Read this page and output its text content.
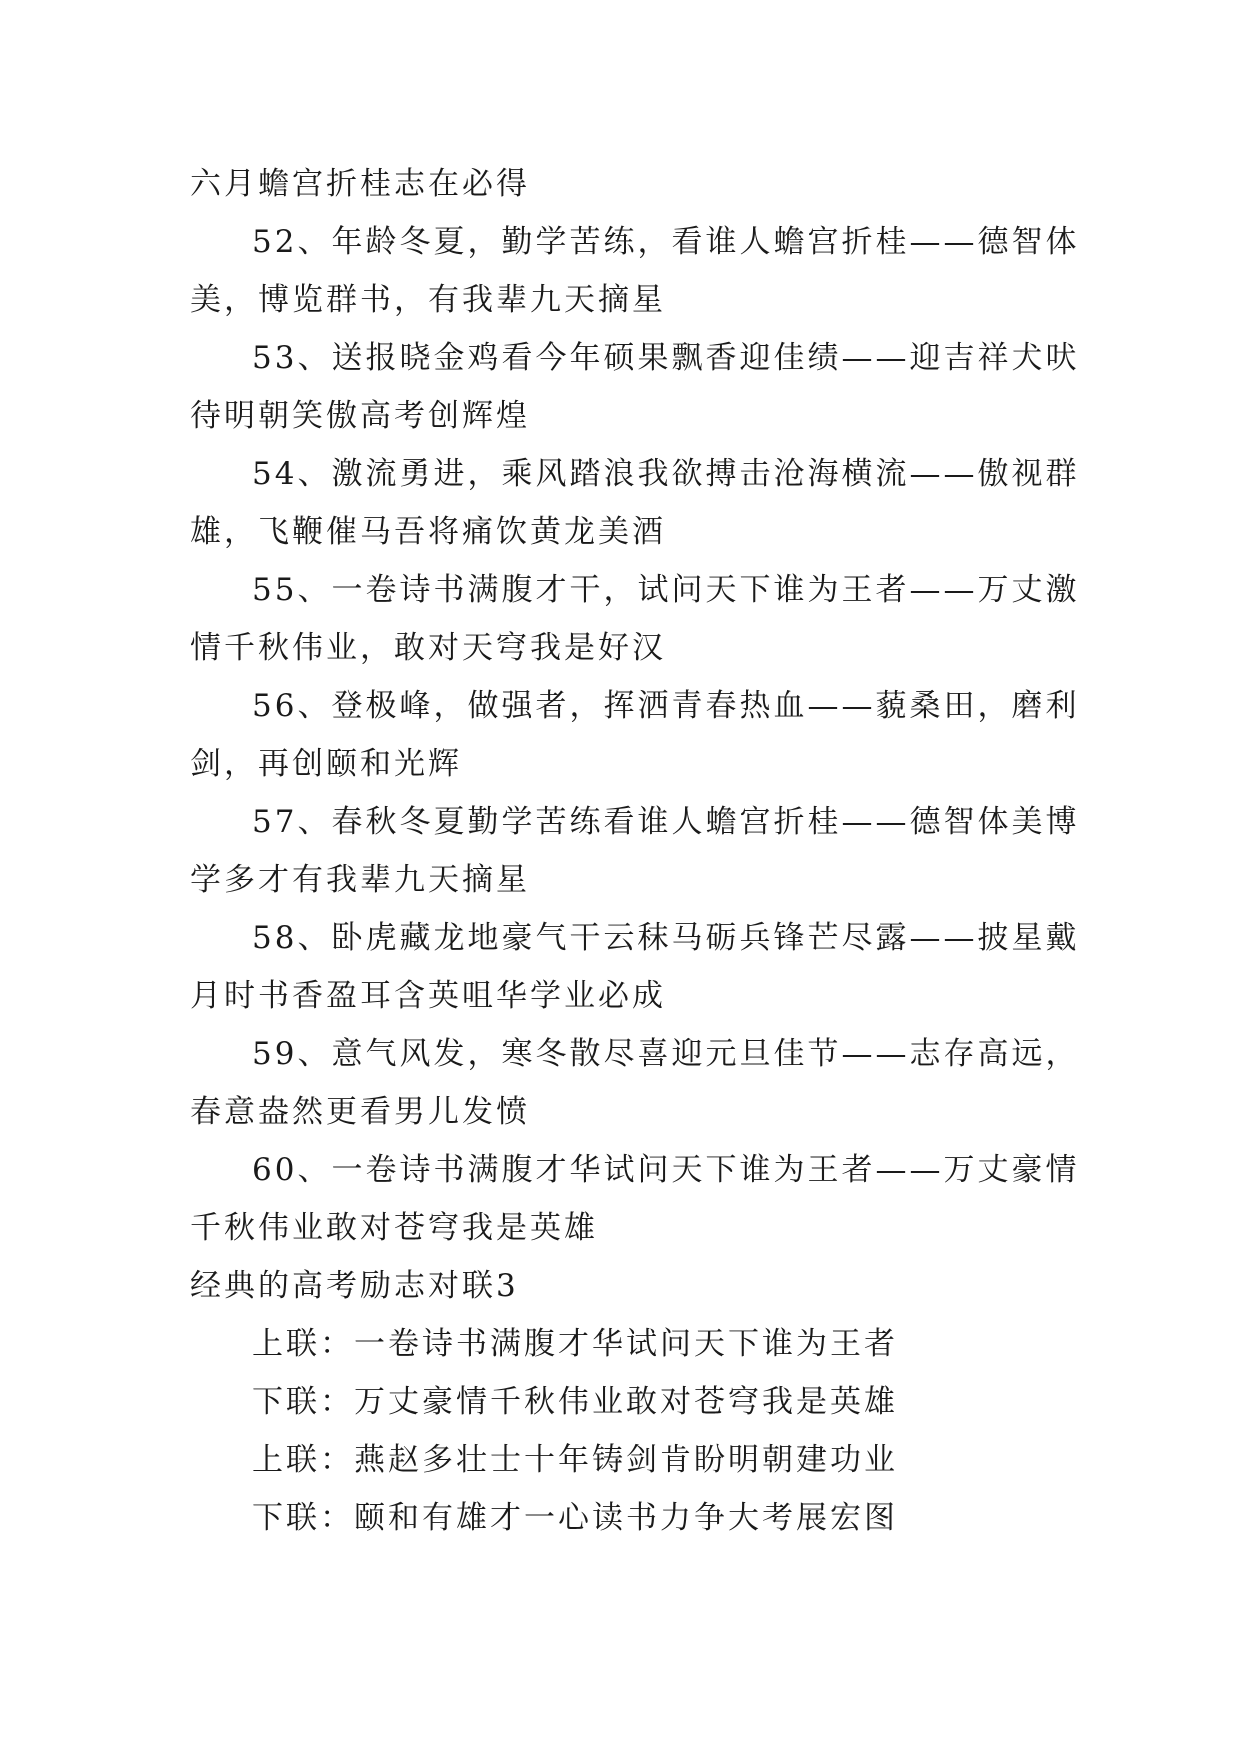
六月蟾宫折桂志在必得
52、年龄冬夏，勤学苦练，看谁人蟾宫折桂——德智体
美，博览群书，有我辈九天摘星
53、送报晓金鸡看今年硕果飘香迎佳绩——迎吉祥犬吠
待明朝笑傲高考创辉煌
54、激流勇进，乘风踏浪我欲搏击沧海横流——傲视群
雄，飞鞭催马吾将痛饮黄龙美酒
55、一卷诗书满腹才干，试问天下谁为王者——万丈激
情千秋伟业，敢对天穹我是好汉
56、登极峰，做强者，挥洒青春热血——藐桑田，磨利
剑，再创颐和光辉
57、春秋冬夏勤学苦练看谁人蟾宫折桂——德智体美博
学多才有我辈九天摘星
58、卧虎藏龙地豪气干云秣马砺兵锋芒尽露——披星戴
月时书香盈耳含英咀华学业必成
59、意气风发，寒冬散尽喜迎元旦佳节——志存高远，
春意盎然更看男儿发愤
60、一卷诗书满腹才华试问天下谁为王者——万丈豪情
千秋伟业敢对苍穹我是英雄
经典的高考励志对联3
上联：一卷诗书满腹才华试问天下谁为王者
下联：万丈豪情千秋伟业敢对苍穹我是英雄
上联：燕赵多壮士十年铸剑肯盼明朝建功业
下联：颐和有雄才一心读书力争大考展宏图
